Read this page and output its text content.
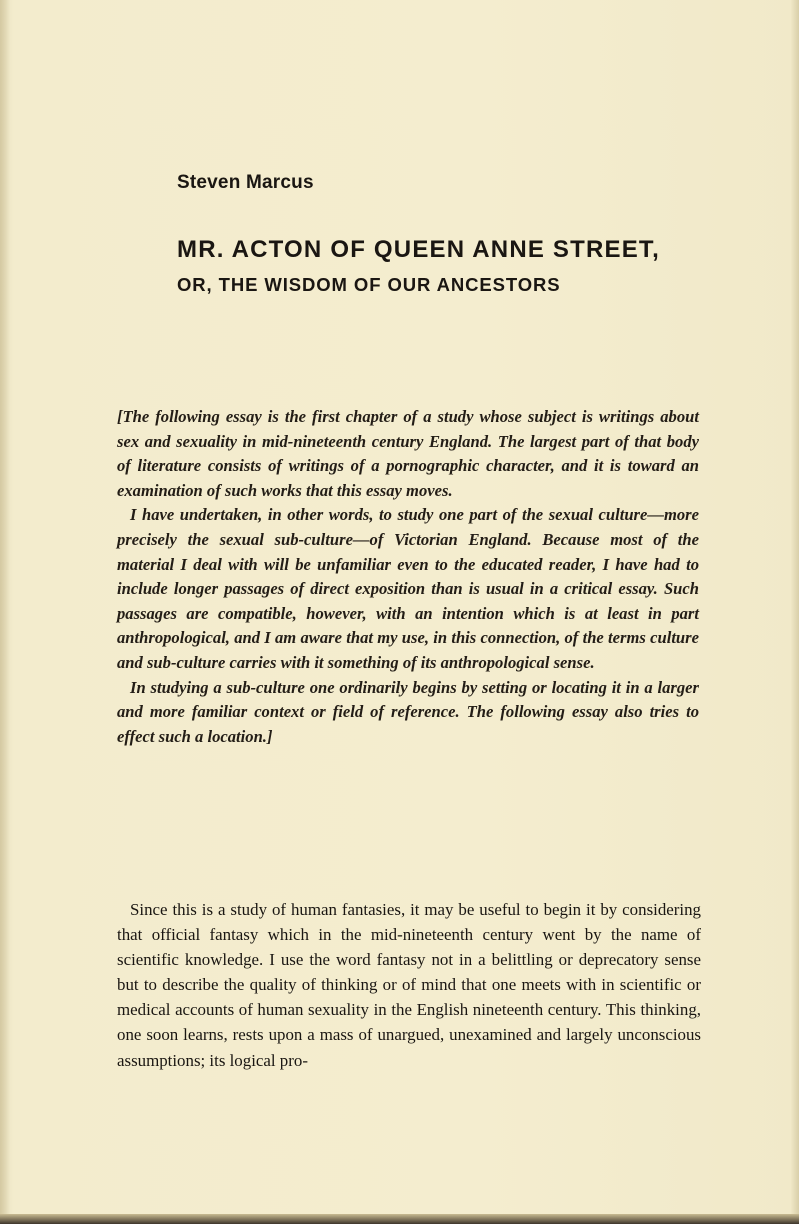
Steven Marcus
MR. ACTON OF QUEEN ANNE STREET,
OR, THE WISDOM OF OUR ANCESTORS

[The following essay is the first chapter of a study whose subject is writings about sex and sexuality in mid-nineteenth century England. The largest part of that body of literature consists of writings of a pornographic character, and it is toward an examination of such works that this essay moves.

I have undertaken, in other words, to study one part of the sexual culture—more precisely the sexual sub-culture—of Victorian England. Because most of the material I deal with will be unfamiliar even to the educated reader, I have had to include longer passages of direct exposition than is usual in a critical essay. Such passages are compatible, however, with an intention which is at least in part anthropological, and I am aware that my use, in this connection, of the terms culture and sub-culture carries with it something of its anthropological sense.

In studying a sub-culture one ordinarily begins by setting or locating it in a larger and more familiar context or field of reference. The following essay also tries to effect such a location.]

Since this is a study of human fantasies, it may be useful to begin it by considering that official fantasy which in the mid-nineteenth century went by the name of scientific knowledge. I use the word fantasy not in a belittling or deprecatory sense but to describe the quality of thinking or of mind that one meets with in scientific or medical accounts of human sexuality in the English nineteenth century. This thinking, one soon learns, rests upon a mass of unargued, unexamined and largely unconscious assumptions; its logical pro-
